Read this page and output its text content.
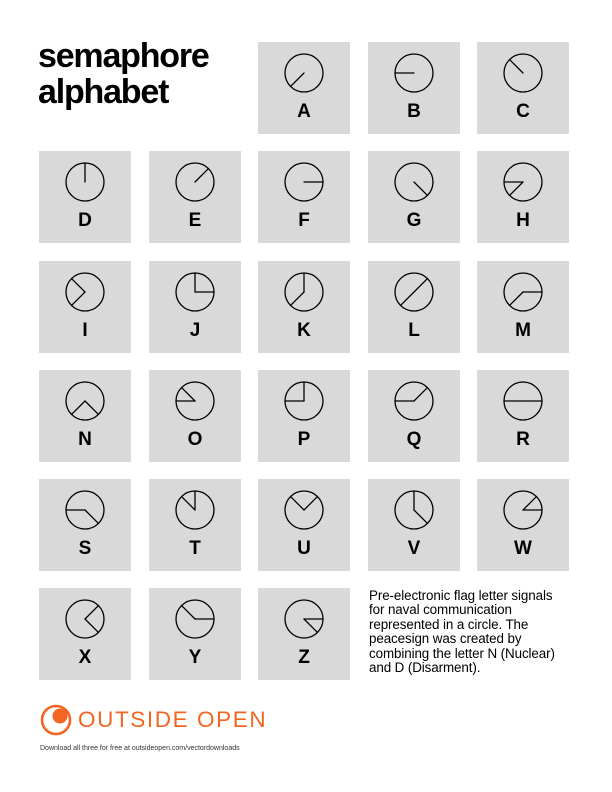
semaphore
alphabet
A	B	C
D	E	F	G	H
I	J	K	L	M
N	O	P	Q	R
S	T	U	V	W
X	Y	Z
Pre-electronic flag letter signals
for naval communication
represented in a circle. The
peacesign was created by
combining the letter N (Nuclear)
and D (Disarment).
OUTSIDE OPEN
Download all three for free at outsideopen.com/vectordownloads
